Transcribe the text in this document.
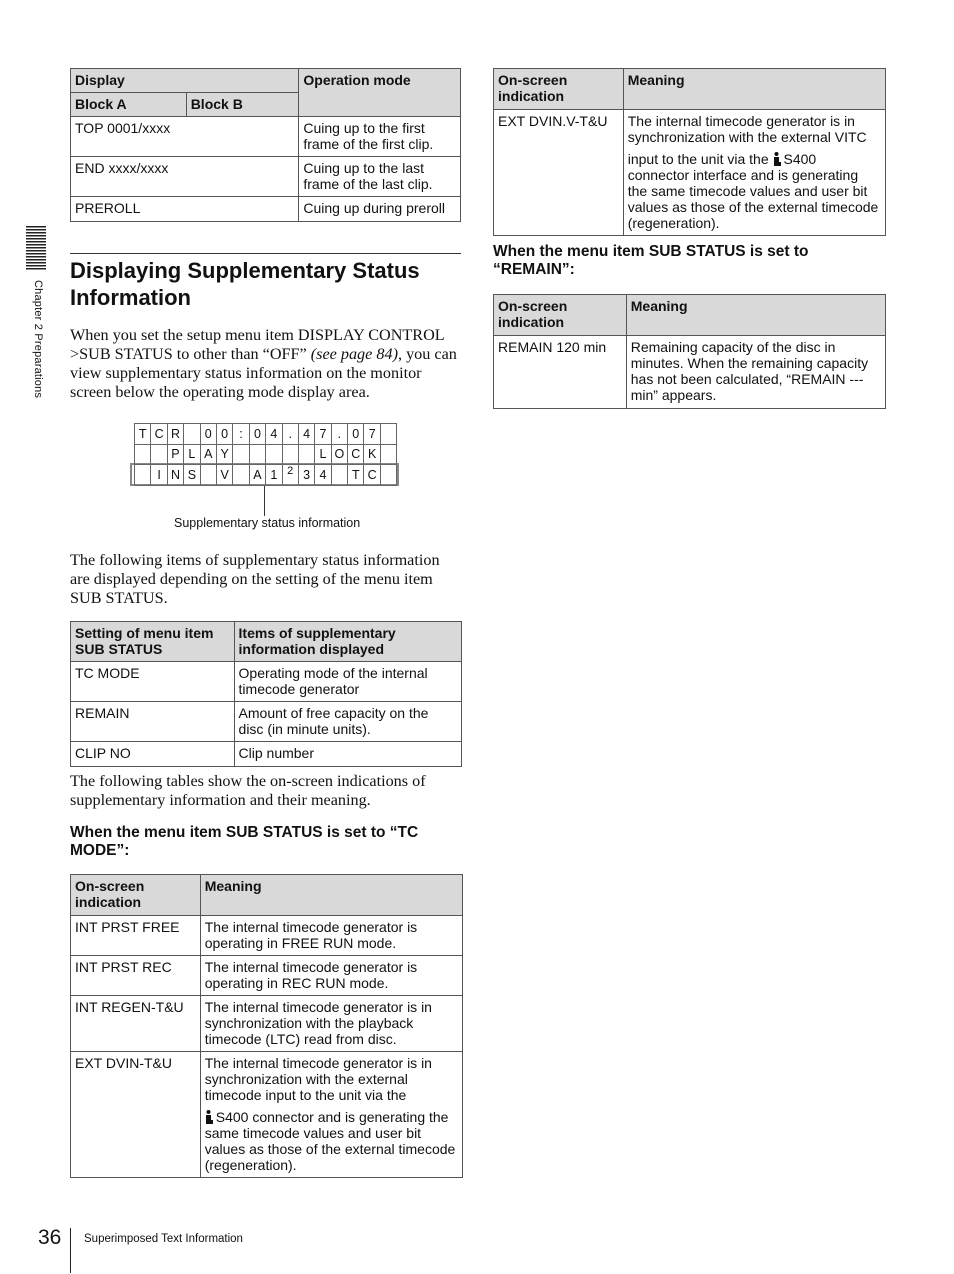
Chapter 2 Preparations
Display		Operation mode
Block A	Block B	
TOP 0001/xxxx		Cuing up to the first frame of the first clip.
END xxxx/xxxx		Cuing up to the last frame of the last clip.
PREROLL		Cuing up during preroll
Displaying Supplementary Status Information
When you set the setup menu item DISPLAY CONTROL >SUB STATUS to other than “OFF” (see page 84), you can view supplementary status information on the monitor screen below the operating mode display area.
T	C	R		0	0	:	0	4	.	4	7	.	0	7	
		P	L	A	Y						L	O	C	K	
	I	N	S		V		A	1	2	3	4		T	C	
Supplementary status information
The following items of supplementary status information are displayed depending on the setting of the menu item SUB STATUS.
Setting of menu item SUB STATUS	Items of supplementary information displayed
TC MODE	Operating mode of the internal timecode generator
REMAIN	Amount of free capacity on the disc (in minute units).
CLIP NO	Clip number
The following tables show the on-screen indications of supplementary information and their meaning.
When the menu item SUB STATUS is set to “TC MODE”:
On-screen indication	Meaning
INT PRST FREE	The internal timecode generator is operating in FREE RUN mode.
INT PRST REC	The internal timecode generator is operating in REC RUN mode.
INT REGEN-T&U	The internal timecode generator is in synchronization with the playback timecode (LTC) read from disc.
EXT DVIN-T&U	The internal timecode generator is in synchronization with the external timecode input to the unit via the

S400 connector and is generating the same timecode values and user bit values as those of the external timecode (regeneration).

On-screen indication	Meaning
EXT DVIN.V-T&U	The internal timecode generator is in synchronization with the external VITC

input to the unit via the S400 connector interface and is generating the same timecode values and user bit values as those of the external timecode (regeneration).

When the menu item SUB STATUS is set to “REMAIN”:
On-screen indication	Meaning
REMAIN 120 min	Remaining capacity of the disc in minutes. When the remaining capacity has not been calculated, “REMAIN --- min” appears.
36 Superimposed Text Information
